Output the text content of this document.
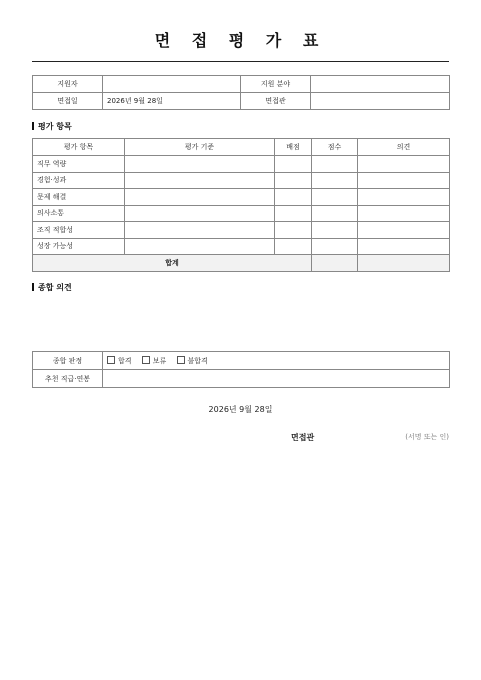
면 접 평 가 표
지원자		지원 분야	
면접일	2026년 9월 28일	면접관	
평가 항목
평가 항목	평가 기준	배점	점수	의견
직무 역량				
경험·성과				
문제 해결				
의사소통				
조직 적합성				
성장 가능성				
합계				
종합 의견
종합 판정	합격 보류 불합격
추천 직급·연봉	
2026년 9월 28일
면접관	(서명 또는 인)
